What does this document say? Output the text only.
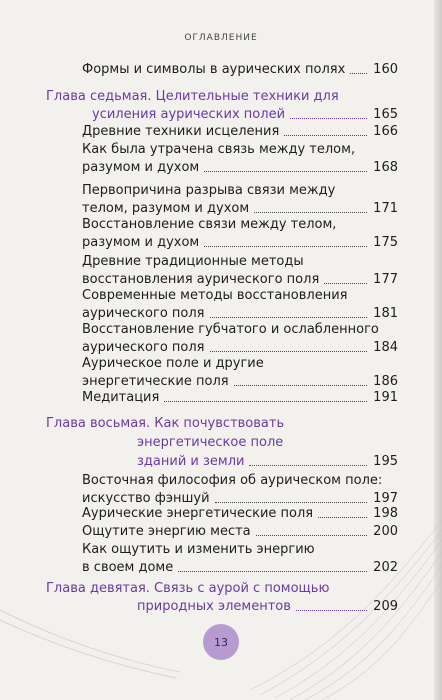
ОГЛАВЛЕНИЕ
Формы и символы в аурических полях	160
Глава седьмая. Целительные техники для
усиления аурических полей	165
Древние техники исцеления	166
Как была утрачена связь между телом,
разумом и духом	168
Первопричина разрыва связи между
телом, разумом и духом	171
Восстановление связи между телом,
разумом и духом	175
Древние традиционные методы
восстановления аурического поля	177
Современные методы восстановления
аурического поля	181
Восстановление губчатого и ослабленного
аурического поля	184
Аурическое поле и другие
энергетические поля	186
Медитация	191
Глава восьмая. Как почувствовать
энергетическое поле
зданий и земли	195
Восточная философия об аурическом поле:
искусство фэншуй	197
Аурические энергетические поля	198
Ощутите энергию места	200
Как ощутить и изменить энергию
в своем доме	202
Глава девятая. Связь с аурой с помощью
природных элементов	209
13
